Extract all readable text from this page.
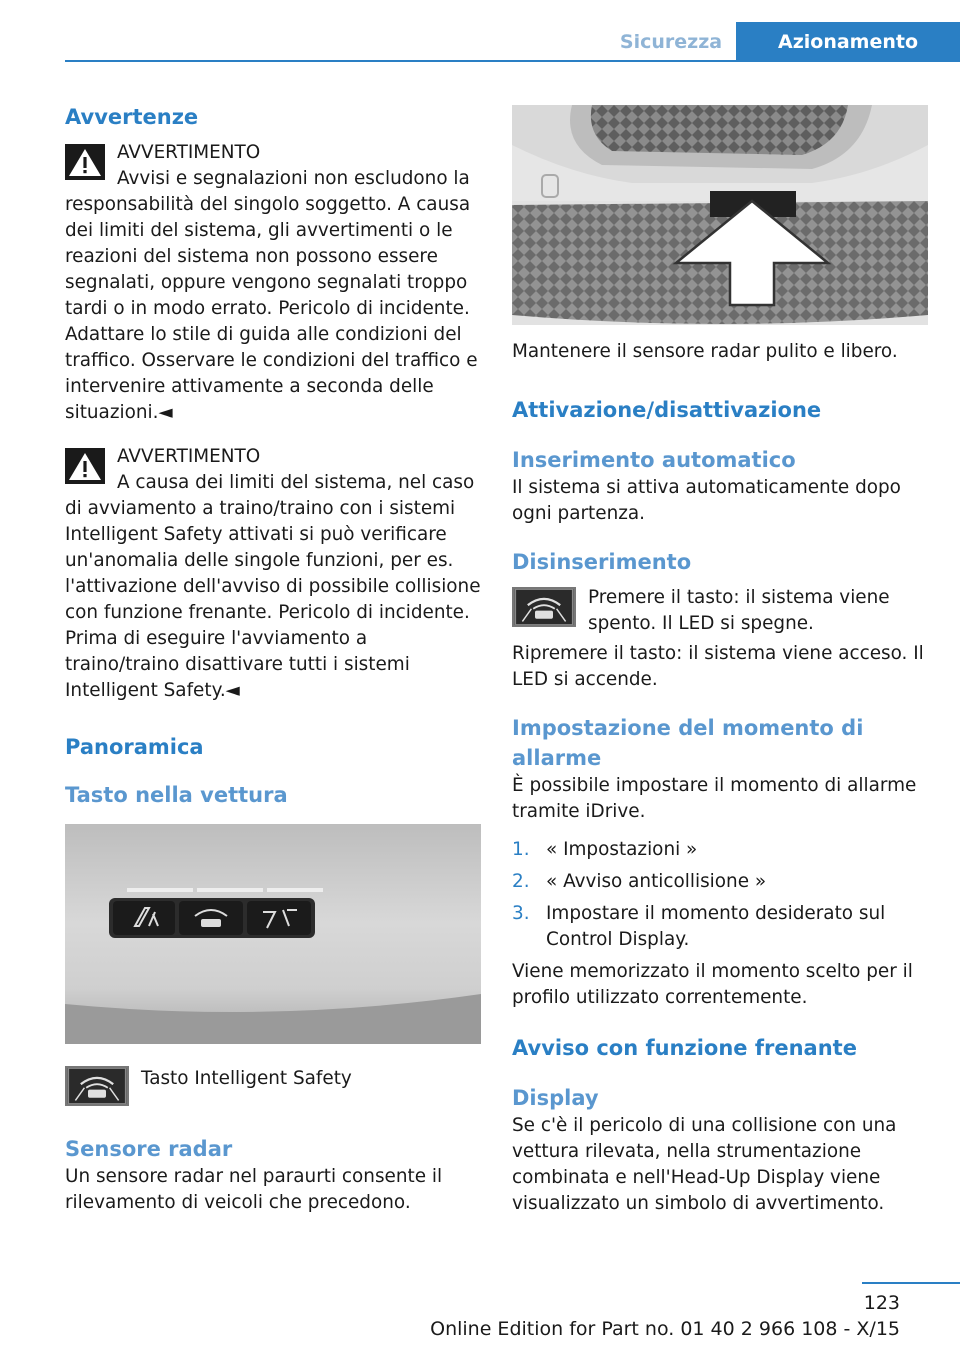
Sicurezza	Azionamento
Avvertenze
AVVERTIMENTO
Avvisi e segnalazioni non escludono la responsabilità del singolo soggetto. A causa dei limiti del sistema, gli avvertimenti o le reazioni del sistema non possono essere segnalati, oppure vengono segnalati troppo tardi o in modo errato. Pericolo di incidente. Adattare lo stile di guida alle condizioni del traffico. Osservare le condizioni del traffico e intervenire attivamente a seconda delle situazioni.◄
AVVERTIMENTO
A causa dei limiti del sistema, nel caso di avviamento a traino/traino con i sistemi Intelligent Safety attivati si può verificare un'anomalia delle singole funzioni, per es. l'attivazione dell'avviso di possibile collisione con funzione frenante. Pericolo di incidente. Prima di eseguire l'avviamento a traino/traino disattivare tutti i sistemi Intelligent Safety.◄
Panoramica
Tasto nella vettura
Tasto Intelligent Safety
Sensore radar
Un sensore radar nel paraurti consente il rilevamento di veicoli che precedono.
Mantenere il sensore radar pulito e libero.
Attivazione/disattivazione
Inserimento automatico
Il sistema si attiva automaticamente dopo ogni partenza.
Disinserimento
Premere il tasto: il sistema viene spento. Il LED si spegne.
Ripremere il tasto: il sistema viene acceso. Il LED si accende.
Impostazione del momento di allarme
È possibile impostare il momento di allarme tramite iDrive.
1. « Impostazioni »
2. « Avviso anticollisione »
3. Impostare il momento desiderato sul Control Display.
Viene memorizzato il momento scelto per il profilo utilizzato correntemente.
Avviso con funzione frenante
Display
Se c'è il pericolo di una collisione con una vettura rilevata, nella strumentazione combinata e nell'Head-Up Display viene visualizzato un simbolo di avvertimento.
123
Online Edition for Part no. 01 40 2 966 108 - X/15
